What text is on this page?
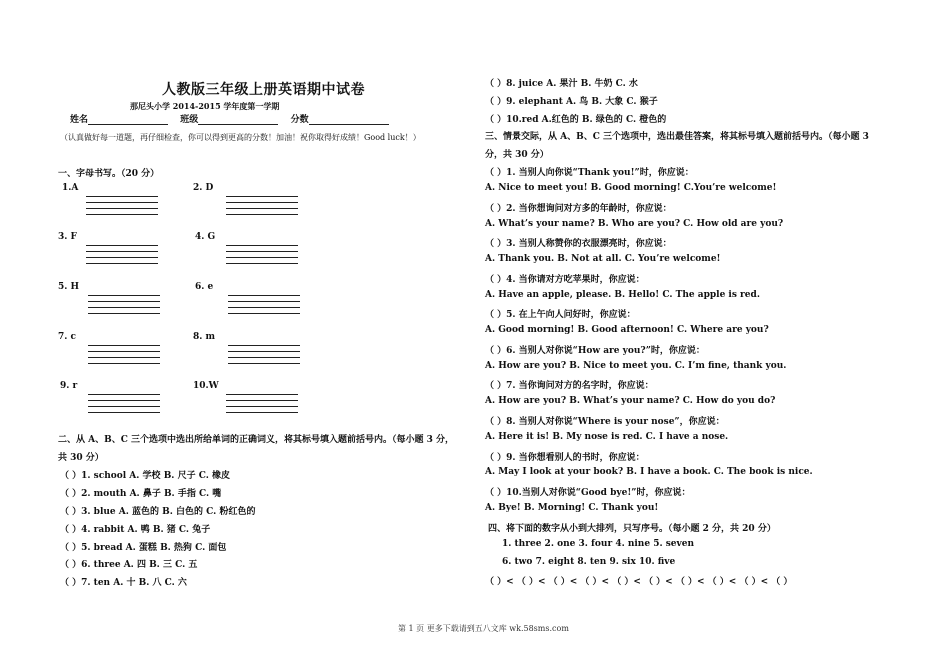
人教版三年级上册英语期中试卷
那尼头小学 2014-2015 学年度第一学期
姓名	班级	分数
（认真做好每一道题，再仔细检查，你可以得到更高的分数！加油！祝你取得好成绩！Good luck！）
一、字母书写。（20 分）
1.A	2. D
3. F	4. G
5. H	6. e
7. c	8. m
9. r	10.W
二、从 A、B、C 三个选项中选出所给单词的正确词义，将其标号填入题前括号内。（每小题 3 分，
共 30 分）
（ ）1. school A. 学校 B. 尺子 C. 橡皮
（ ）2. mouth A. 鼻子 B. 手指 C. 嘴
（ ）3. blue A. 蓝色的 B. 白色的 C. 粉红色的
（ ）4. rabbit A. 鸭 B. 猪 C. 兔子
（ ）5. bread A. 蛋糕 B. 热狗 C. 面包
（ ）6. three A. 四 B. 三 C. 五
（ ）7. ten A. 十 B. 八 C. 六
（ ）8. juice A. 果汁 B. 牛奶 C. 水
（ ）9. elephant A. 鸟 B. 大象 C. 猴子
（ ）10.red A.红色的 B. 绿色的 C. 橙色的
三、情景交际，从 A、B、C 三个选项中，选出最佳答案，将其标号填入题前括号内。（每小题 3
分，共 30 分）
（ ）1. 当别人向你说“Thank you!”时，你应说：
A. Nice to meet you! B. Good morning! C.You’re welcome!
（ ）2. 当你想询问对方多的年龄时，你应说：
A. What’s your name? B. Who are you? C. How old are you?
（ ）3. 当别人称赞你的衣服漂亮时，你应说：
A. Thank you. B. Not at all. C. You’re welcome!
（ ）4. 当你请对方吃苹果时，你应说：
A. Have an apple, please. B. Hello! C. The apple is red.
（ ）5. 在上午向人问好时，你应说：
A. Good morning! B. Good afternoon! C. Where are you?
（ ）6. 当别人对你说“How are you?”时，你应说：
A. How are you? B. Nice to meet you. C. I’m fine, thank you.
（ ）7. 当你询问对方的名字时，你应说：
A. How are you? B. What’s your name? C. How do you do?
（ ）8. 当别人对你说“Where is your nose”，你应说：
A. Here it is! B. My nose is red. C. I have a nose.
（ ）9. 当你想看别人的书时，你应说：
A. May I look at your book? B. I have a book. C. The book is nice.
（ ）10.当别人对你说“Good bye!”时，你应说：
A. Bye! B. Morning! C. Thank you!
四、将下面的数字从小到大排列，只写序号。（每小题 2 分，共 20 分）
1. three 2. one 3. four 4. nine 5. seven
6. two 7. eight 8. ten 9. six 10. five
（ ）< （ ）< （ ）< （ ）< （ ）< （ ）< （ ）< （ ）< （ ）< （ ）
第 1 页 更多下载请到五八文库 wk.58sms.com
